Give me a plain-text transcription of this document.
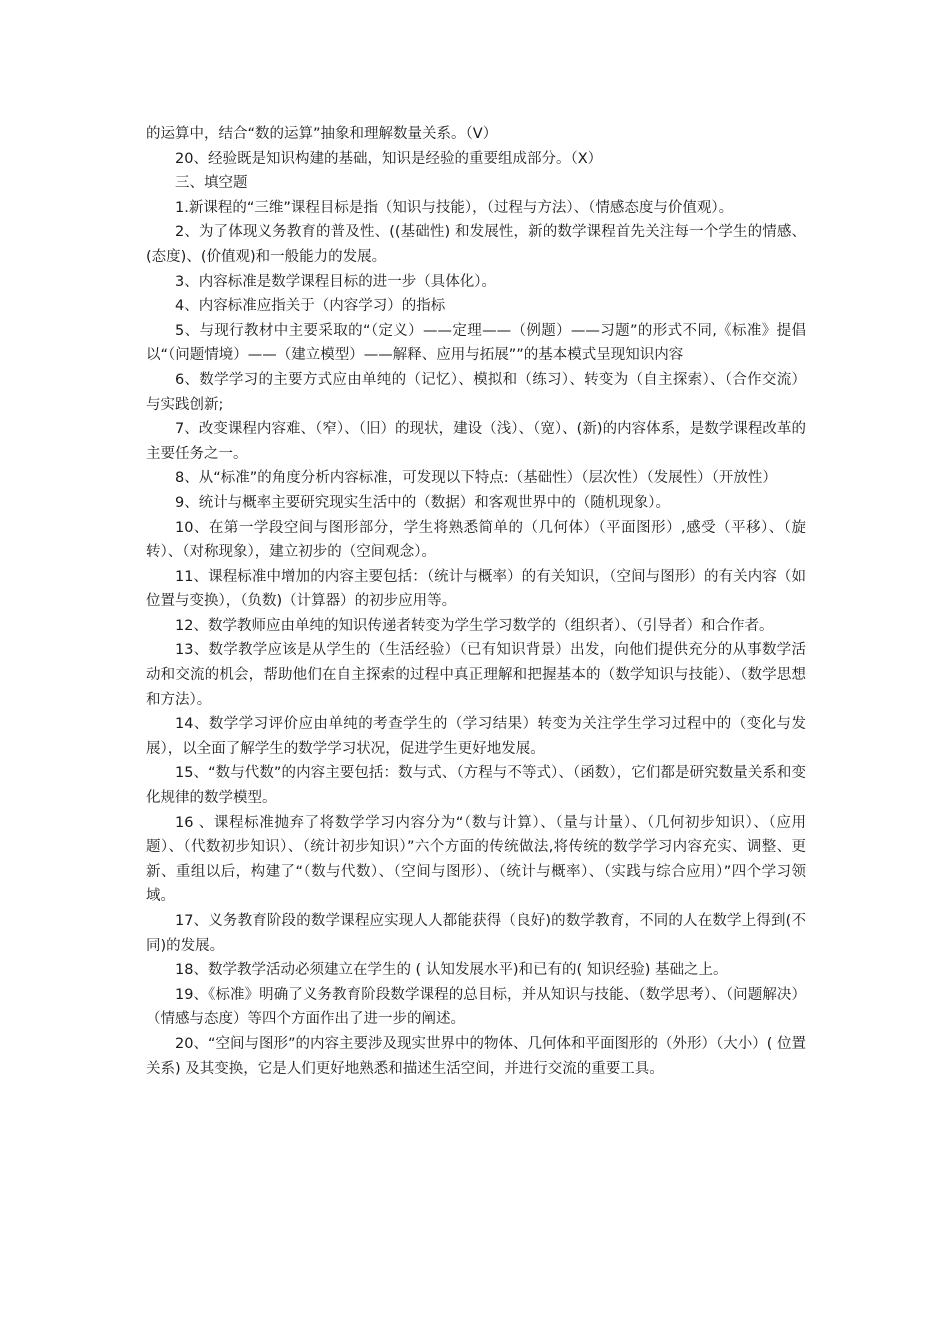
的运算中，结合“数的运算”抽象和理解数量关系。（V）

20、经验既是知识构建的基础，知识是经验的重要组成部分。（X）

三、填空题

1.新课程的“三维”课程目标是指（知识与技能），（过程与方法）、（情感态度与价值观）。

2、为了体现义务教育的普及性、((基础性) 和发展性，新的数学课程首先关注每一个学生的情感、(态度)、(价值观)和一般能力的发展。

3、内容标准是数学课程目标的进一步（具体化）。

4、内容标准应指关于（内容学习）的指标

5、与现行教材中主要采取的“（定义）——定理——（例题）——习题”的形式不同,《标准》提倡以“（问题情境）——（建立模型）——解释、应用与拓展””的基本模式呈现知识内容

6、数学学习的主要方式应由单纯的（记忆）、模拟和（练习）、转变为（自主探索）、（合作交流）与实践创新;

7、改变课程内容难、（窄）、（旧）的现状，建设（浅）、（宽）、(新)的内容体系，是数学课程改革的主要任务之一。

8、从“标准”的角度分析内容标准，可发现以下特点:（基础性）（层次性）（发展性）（开放性）

9、统计与概率主要研究现实生活中的（数据）和客观世界中的（随机现象）。

10、在第一学段空间与图形部分，学生将熟悉简单的（几何体）（平面图形）,感受（平移）、（旋转）、（对称现象），建立初步的（空间观念）。

11、课程标准中增加的内容主要包括：（统计与概率）的有关知识，（空间与图形）的有关内容（如位置与变换），（负数)（计算器）的初步应用等。

12、数学教师应由单纯的知识传递者转变为学生学习数学的（组织者）、（引导者）和合作者。

13、数学教学应该是从学生的（生活经验）（已有知识背景）出发，向他们提供充分的从事数学活动和交流的机会，帮助他们在自主探索的过程中真正理解和把握基本的（数学知识与技能）、（数学思想和方法）。

14、数学学习评价应由单纯的考查学生的（学习结果）转变为关注学生学习过程中的（变化与发展），以全面了解学生的数学学习状况，促进学生更好地发展。

15、“数与代数”的内容主要包括：数与式、（方程与不等式）、（函数），它们都是研究数量关系和变化规律的数学模型。

16 、课程标准抛弃了将数学学习内容分为“（数与计算）、（量与计量）、（几何初步知识）、（应用题）、（代数初步知识）、（统计初步知识）”六个方面的传统做法,将传统的数学学习内容充实、调整、更新、重组以后，构建了“（数与代数）、（空间与图形）、（统计与概率）、（实践与综合应用）”四个学习领域。

17、义务教育阶段的数学课程应实现人人都能获得（良好)的数学教育，不同的人在数学上得到(不同)的发展。

18、数学教学活动必须建立在学生的 ( 认知发展水平)和已有的( 知识经验) 基础之上。

19、《标准》明确了义务教育阶段数学课程的总目标，并从知识与技能、（数学思考）、（问题解决）（情感与态度）等四个方面作出了进一步的阐述。

20、“空间与图形”的内容主要涉及现实世界中的物体、几何体和平面图形的（外形）（大小）( 位置关系) 及其变换，它是人们更好地熟悉和描述生活空间，并进行交流的重要工具。
